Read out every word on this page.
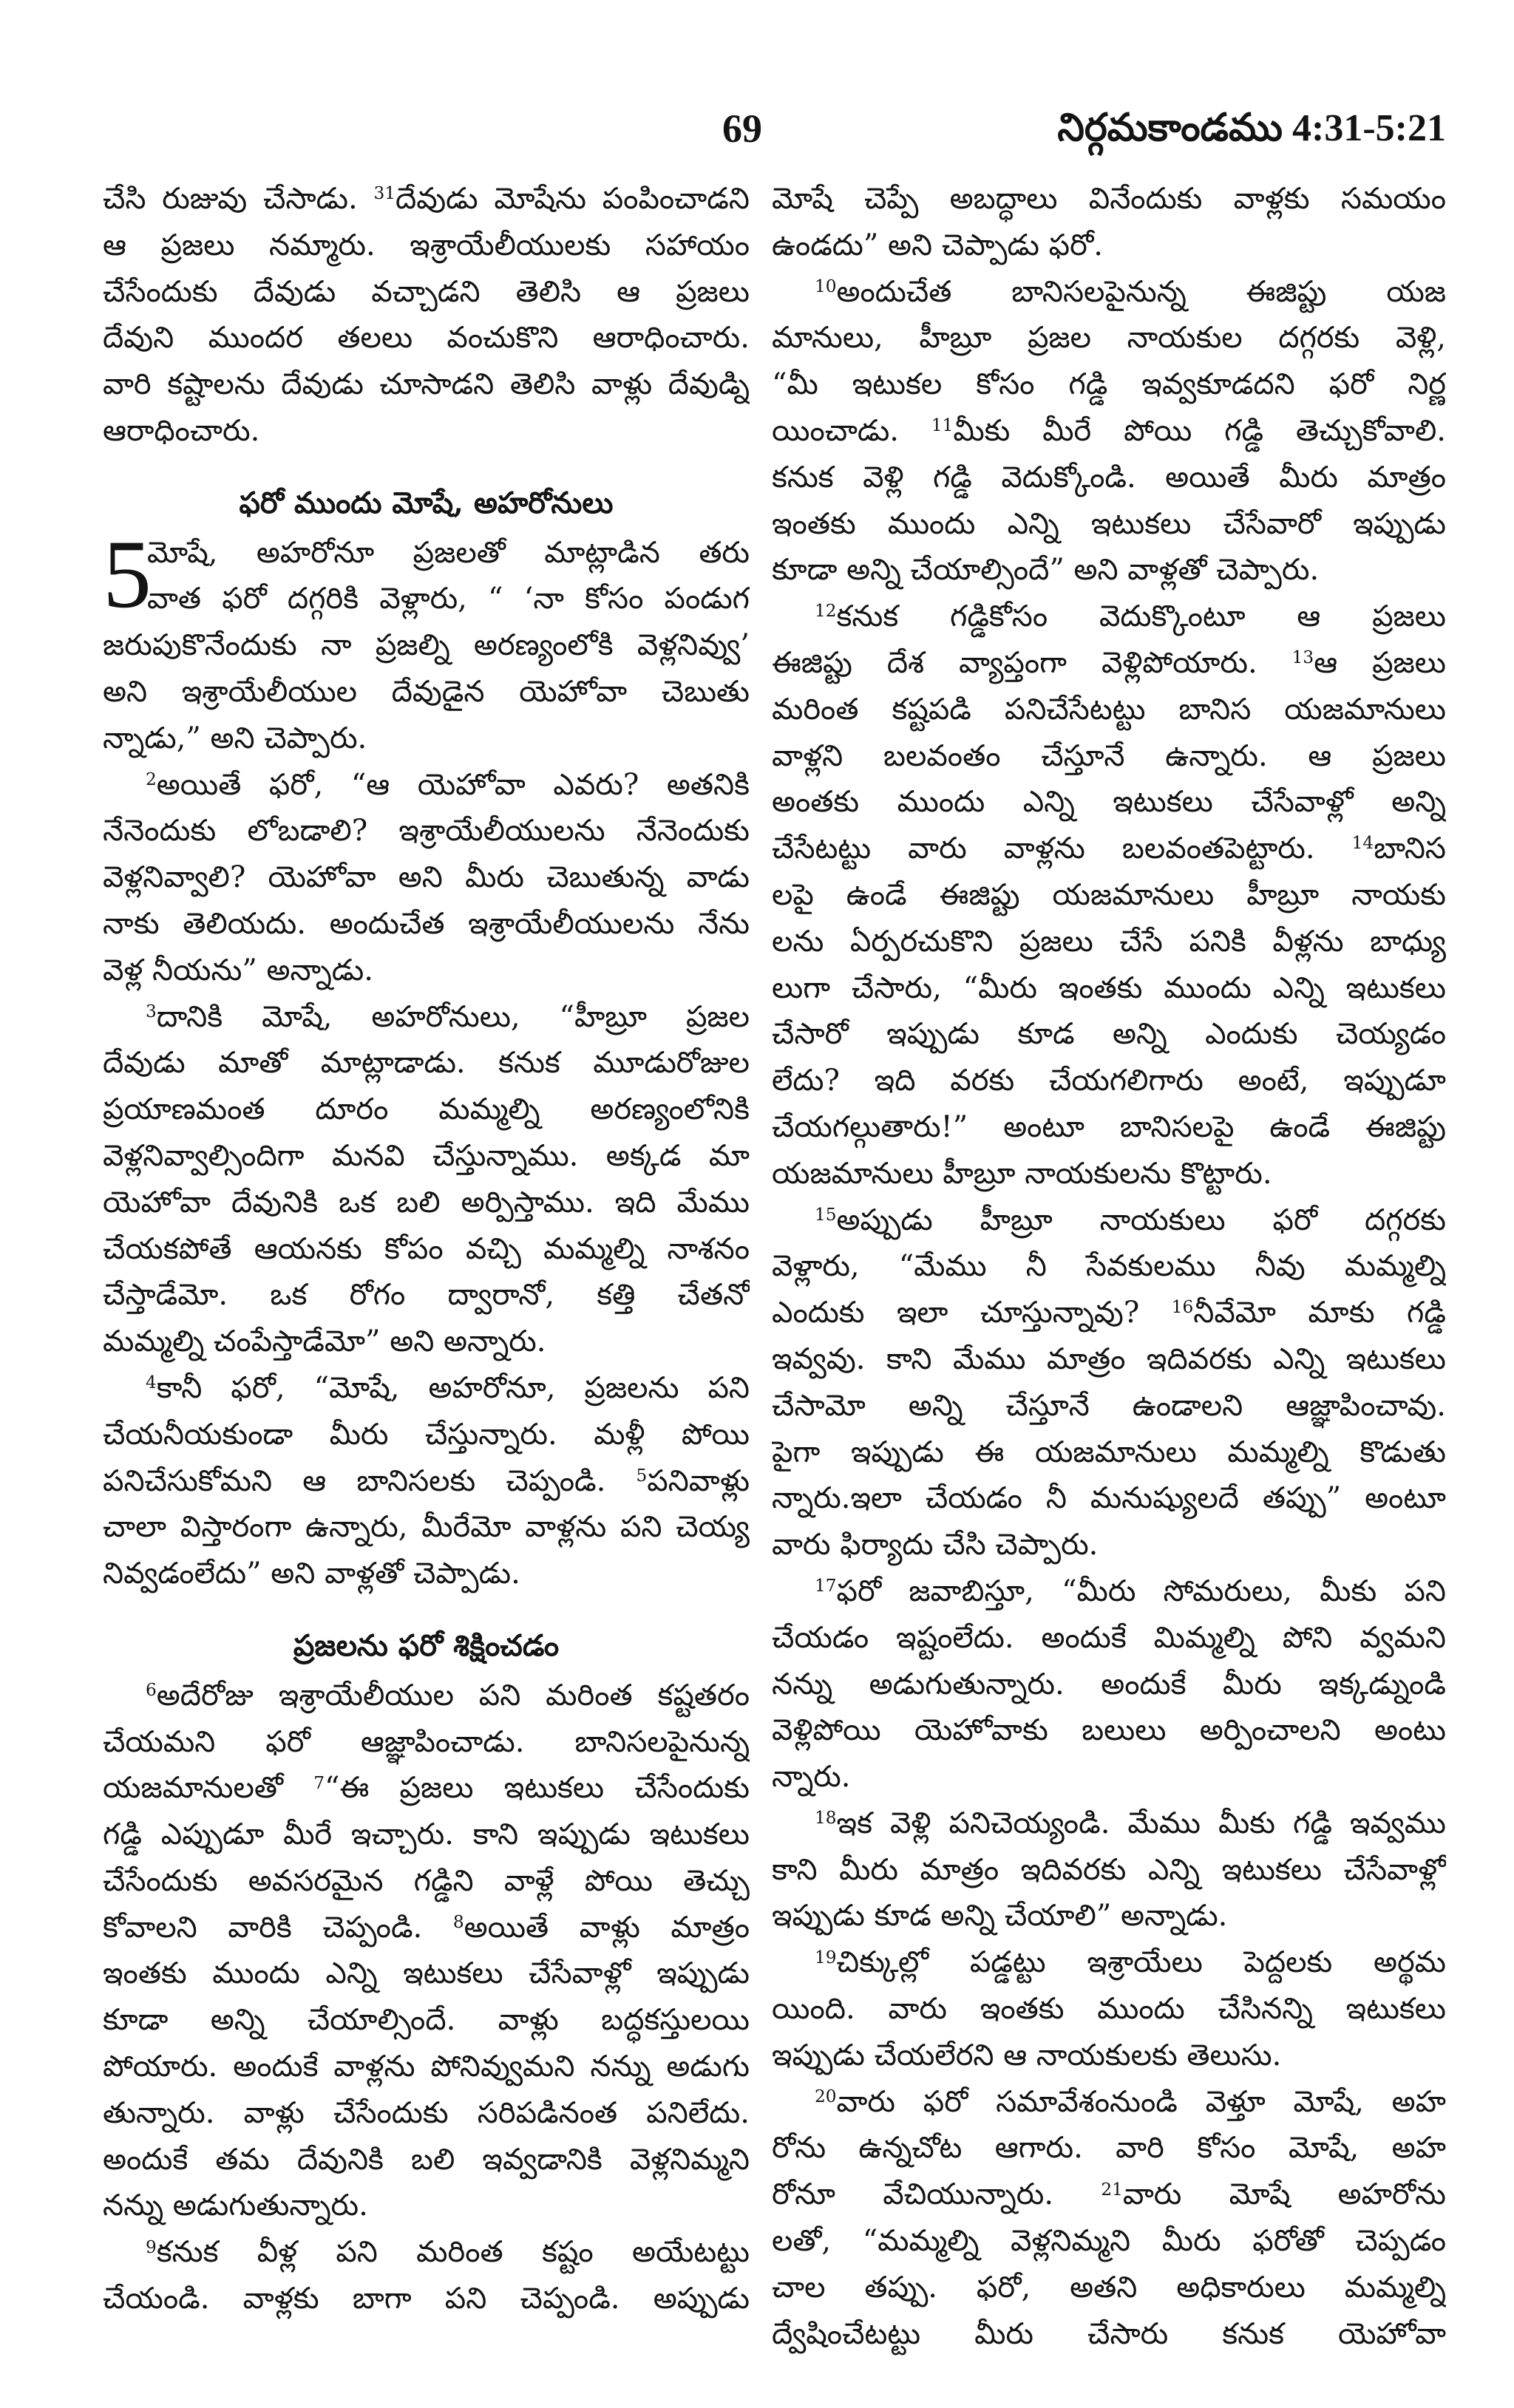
69	నిర్గమకాండము 4:31-5:21
చేసి రుజువు చేసాడు. $^{31}$దేవుడు మోషేను పంపించాడని
ఆ ప్రజలు నమ్మారు. ఇశ్రాయేలీయులకు సహాయం
చేసేందుకు దేవుడు వచ్చాడని తెలిసి ఆ ప్రజలు
దేవుని ముందర తలలు వంచుకొని ఆరాధించారు.
వారి కష్టాలను దేవుడు చూసాడని తెలిసి వాళ్లు దేవుడ్ని
ఆరాధించారు.
ఫరో ముందు మోషే, అహరోనులు
5
మోషే, అహరోనూ ప్రజలతో మాట్లాడిన తరు
వాత ఫరో దగ్గరికి వెళ్లారు, “ ‘నా కోసం పండుగ
జరుపుకొనేందుకు నా ప్రజల్ని అరణ్యంలోకి వెళ్లనివ్వు’
అని ఇశ్రాయేలీయుల దేవుడైన యెహోవా చెబుతు
న్నాడు,” అని చెప్పారు.
$^2$అయితే ఫరో, “ఆ యెహోవా ఎవరు? అతనికి
నేనెందుకు లోబడాలి? ఇశ్రాయేలీయులను నేనెందుకు
వెళ్లనివ్వాలి? యెహోవా అని మీరు చెబుతున్న వాడు
నాకు తెలియదు. అందుచేత ఇశ్రాయేలీయులను నేను
వెళ్ల నీయను” అన్నాడు.
$^3$దానికి మోషే, అహరోనులు, “హీబ్రూ ప్రజల
దేవుడు మాతో మాట్లాడాడు. కనుక మూడురోజుల
ప్రయాణమంత దూరం మమ్మల్ని అరణ్యంలోనికి
వెళ్లనివ్వాల్సిందిగా మనవి చేస్తున్నాము. అక్కడ మా
యెహోవా దేవునికి ఒక బలి అర్పిస్తాము. ఇది మేము
చేయకపోతే ఆయనకు కోపం వచ్చి మమ్మల్ని నాశనం
చేస్తాడేమో. ఒక రోగం ద్వారానో, కత్తి చేతనో
మమ్మల్ని చంపేస్తాడేమో” అని అన్నారు.
$^4$కానీ ఫరో, “మోషే, అహరోనూ, ప్రజలను పని
చేయనీయకుండా మీరు చేస్తున్నారు. మళ్లీ పోయి
పనిచేసుకోమని ఆ బానిసలకు చెప్పండి. $^5$పనివాళ్లు
చాలా విస్తారంగా ఉన్నారు, మీరేమో వాళ్లను పని చెయ్య
నివ్వడంలేదు” అని వాళ్లతో చెప్పాడు.
ప్రజలను ఫరో శిక్షించడం
$^6$అదేరోజు ఇశ్రాయేలీయుల పని మరింత కష్టతరం
చేయమని ఫరో ఆజ్ఞాపించాడు. బానిసలపైనున్న
యజమానులతో $^7$“ఈ ప్రజలు ఇటుకలు చేసేందుకు
గడ్డి ఎప్పుడూ మీరే ఇచ్చారు. కాని ఇప్పుడు ఇటుకలు
చేసేందుకు అవసరమైన గడ్డిని వాళ్లే పోయి తెచ్చు
కోవాలని వారికి చెప్పండి. $^8$అయితే వాళ్లు మాత్రం
ఇంతకు ముందు ఎన్ని ఇటుకలు చేసేవాళ్లో ఇప్పుడు
కూడా అన్ని చేయాల్సిందే. వాళ్లు బద్ధకస్తులయి
పోయారు. అందుకే వాళ్లను పోనివ్వుమని నన్ను అడుగు
తున్నారు. వాళ్లు చేసేందుకు సరిపడినంత పనిలేదు.
అందుకే తమ దేవునికి బలి ఇవ్వడానికి వెళ్లనిమ్మని
నన్ను అడుగుతున్నారు.
$^9$కనుక వీళ్ల పని మరింత కష్టం అయేటట్టు
చేయండి. వాళ్లకు బాగా పని చెప్పండి. అప్పుడు
మోషే చెప్పే అబద్ధాలు వినేందుకు వాళ్లకు సమయం
ఉండదు” అని చెప్పాడు ఫరో.
$^{10}$అందుచేత బానిసలపైనున్న ఈజిప్టు యజ
మానులు, హీబ్రూ ప్రజల నాయకుల దగ్గరకు వెళ్లి,
“మీ ఇటుకల కోసం గడ్డి ఇవ్వకూడదని ఫరో నిర్ణ
యించాడు. $^{11}$మీకు మీరే పోయి గడ్డి తెచ్చుకోవాలి.
కనుక వెళ్లి గడ్డి వెదుక్కోండి. అయితే మీరు మాత్రం
ఇంతకు ముందు ఎన్ని ఇటుకలు చేసేవారో ఇప్పుడు
కూడా అన్ని చేయాల్సిందే” అని వాళ్లతో చెప్పారు.
$^{12}$కనుక గడ్డికోసం వెదుక్కొంటూ ఆ ప్రజలు
ఈజిప్టు దేశ వ్యాప్తంగా వెళ్లిపోయారు. $^{13}$ఆ ప్రజలు
మరింత కష్టపడి పనిచేసేటట్టు బానిస యజమానులు
వాళ్లని బలవంతం చేస్తూనే ఉన్నారు. ఆ ప్రజలు
అంతకు ముందు ఎన్ని ఇటుకలు చేసేవాళ్లో అన్ని
చేసేటట్టు వారు వాళ్లను బలవంతపెట్టారు. $^{14}$బానిస
లపై ఉండే ఈజిప్టు యజమానులు హీబ్రూ నాయకు
లను ఏర్పరచుకొని ప్రజలు చేసే పనికి వీళ్లను బాధ్యు
లుగా చేసారు, “మీరు ఇంతకు ముందు ఎన్ని ఇటుకలు
చేసారో ఇప్పుడు కూడ అన్ని ఎందుకు చెయ్యడం
లేదు? ఇది వరకు చేయగలిగారు అంటే, ఇప్పుడూ
చేయగల్గుతారు!” అంటూ బానిసలపై ఉండే ఈజిప్టు
యజమానులు హీబ్రూ నాయకులను కొట్టారు.
$^{15}$అప్పుడు హీబ్రూ నాయకులు ఫరో దగ్గరకు
వెళ్లారు, “మేము నీ సేవకులము నీవు మమ్మల్ని
ఎందుకు ఇలా చూస్తున్నావు? $^{16}$నీవేమో మాకు గడ్డి
ఇవ్వవు. కాని మేము మాత్రం ఇదివరకు ఎన్ని ఇటుకలు
చేసామో అన్ని చేస్తూనే ఉండాలని ఆజ్ఞాపించావు.
పైగా ఇప్పుడు ఈ యజమానులు మమ్మల్ని కొడుతు
న్నారు.ఇలా చేయడం నీ మనుష్యులదే తప్పు” అంటూ
వారు ఫిర్యాదు చేసి చెప్పారు.
$^{17}$ఫరో జవాబిస్తూ, “మీరు సోమరులు, మీకు పని
చేయడం ఇష్టంలేదు. అందుకే మిమ్మల్ని పోని వ్వమని
నన్ను అడుగుతున్నారు. అందుకే మీరు ఇక్కడ్నుండి
వెళ్లిపోయి యెహోవాకు బలులు అర్పించాలని అంటు
న్నారు.
$^{18}$ఇక వెళ్లి పనిచెయ్యండి. మేము మీకు గడ్డి ఇవ్వము
కాని మీరు మాత్రం ఇదివరకు ఎన్ని ఇటుకలు చేసేవాళ్లో
ఇప్పుడు కూడ అన్ని చేయాలి” అన్నాడు.
$^{19}$చిక్కుల్లో పడ్డట్టు ఇశ్రాయేలు పెద్దలకు అర్థమ
యింది. వారు ఇంతకు ముందు చేసినన్ని ఇటుకలు
ఇప్పుడు చేయలేరని ఆ నాయకులకు తెలుసు.
$^{20}$వారు ఫరో సమావేశంనుండి వెళ్తూ మోషే, అహ
రోను ఉన్నచోట ఆగారు. వారి కోసం మోషే, అహ
రోనూ వేచియున్నారు. $^{21}$వారు మోషే అహరోను
లతో, “మమ్మల్ని వెళ్లనిమ్మని మీరు ఫరోతో చెప్పడం
చాల తప్పు. ఫరో, అతని అధికారులు మమ్మల్ని
ద్వేషించేటట్టు మీరు చేసారు కనుక యెహోవా
